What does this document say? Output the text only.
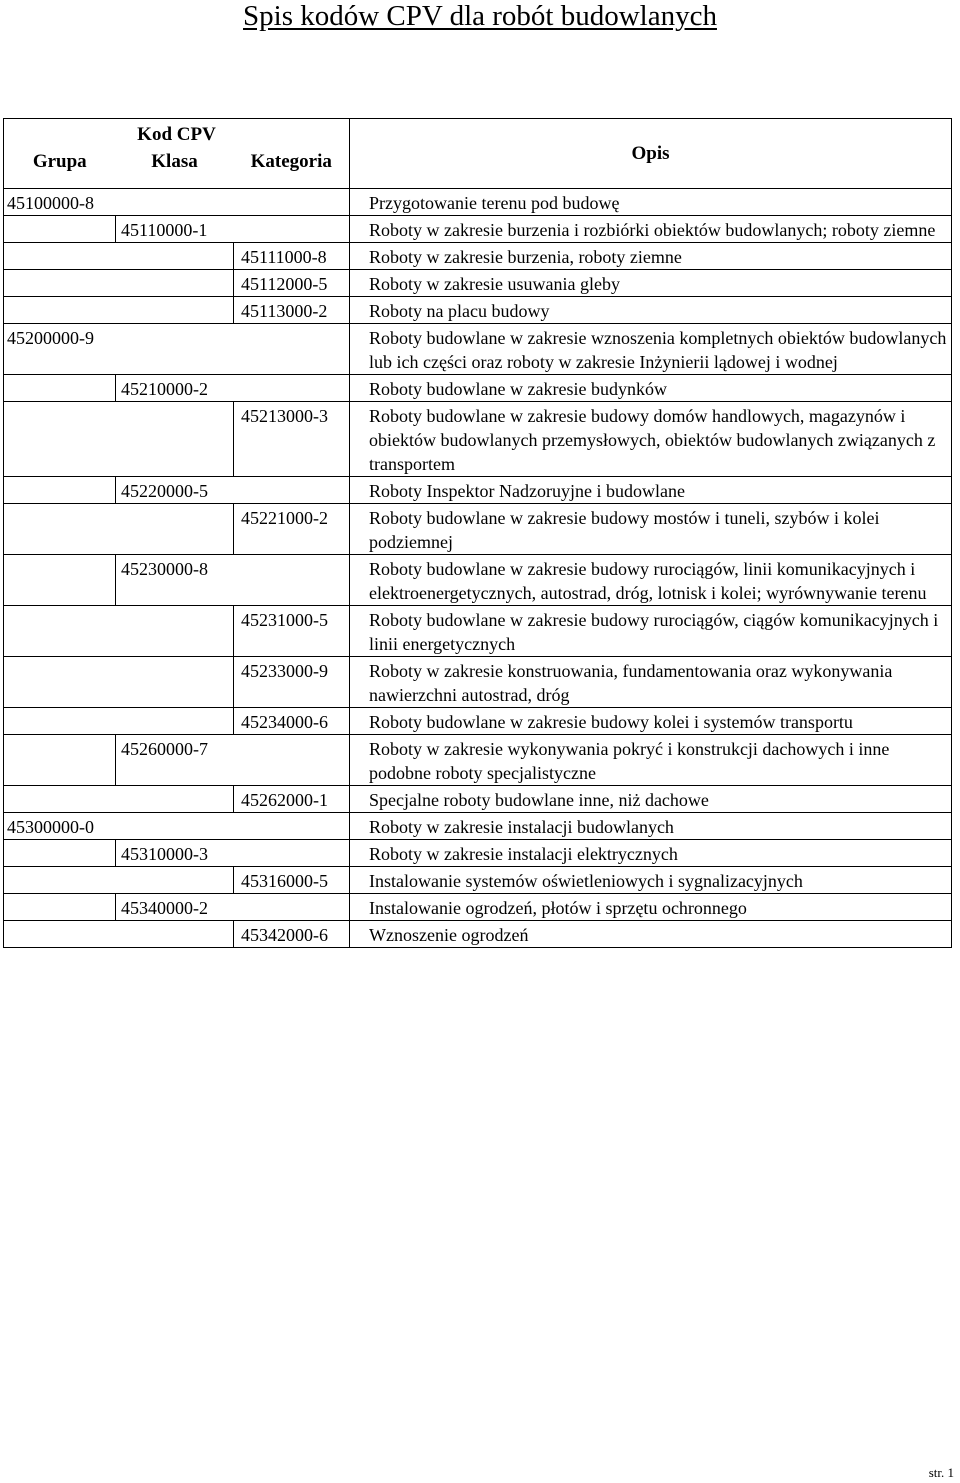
Spis kodów CPV dla robót budowlanych
Kod CPV			Opis
Grupa	Klasa	Kategoria	
45100000-8			Przygotowanie terenu pod budowę
	45110000-1		Roboty w zakresie burzenia i rozbiórki obiektów budowlanych; roboty ziemne
		45111000-8	Roboty w zakresie burzenia, roboty ziemne
		45112000-5	Roboty w zakresie usuwania gleby
		45113000-2	Roboty na placu budowy
45200000-9			Roboty budowlane w zakresie wznoszenia kompletnych obiektów budowlanych lub ich części oraz roboty w zakresie Inżynierii lądowej i wodnej
	45210000-2		Roboty budowlane w zakresie budynków
		45213000-3	Roboty budowlane w zakresie budowy domów handlowych, magazynów i obiektów budowlanych przemysłowych, obiektów budowlanych związanych z transportem
	45220000-5		Roboty Inspektor Nadzoruyjne i budowlane
		45221000-2	Roboty budowlane w zakresie budowy mostów i tuneli, szybów i kolei podziemnej
	45230000-8		Roboty budowlane w zakresie budowy rurociągów, linii komunikacyjnych i elektroenergetycznych, autostrad, dróg, lotnisk i kolei; wyrównywanie terenu
		45231000-5	Roboty budowlane w zakresie budowy rurociągów, ciągów komunikacyjnych i linii energetycznych
		45233000-9	Roboty w zakresie konstruowania, fundamentowania oraz wykonywania nawierzchni autostrad, dróg
		45234000-6	Roboty budowlane w zakresie budowy kolei i systemów transportu
	45260000-7		Roboty w zakresie wykonywania pokryć i konstrukcji dachowych i inne podobne roboty specjalistyczne
		45262000-1	Specjalne roboty budowlane inne, niż dachowe
45300000-0			Roboty w zakresie instalacji budowlanych
	45310000-3		Roboty w zakresie instalacji elektrycznych
		45316000-5	Instalowanie systemów oświetleniowych i sygnalizacyjnych
	45340000-2		Instalowanie ogrodzeń, płotów i sprzętu ochronnego
		45342000-6	Wznoszenie ogrodzeń
str. 1
